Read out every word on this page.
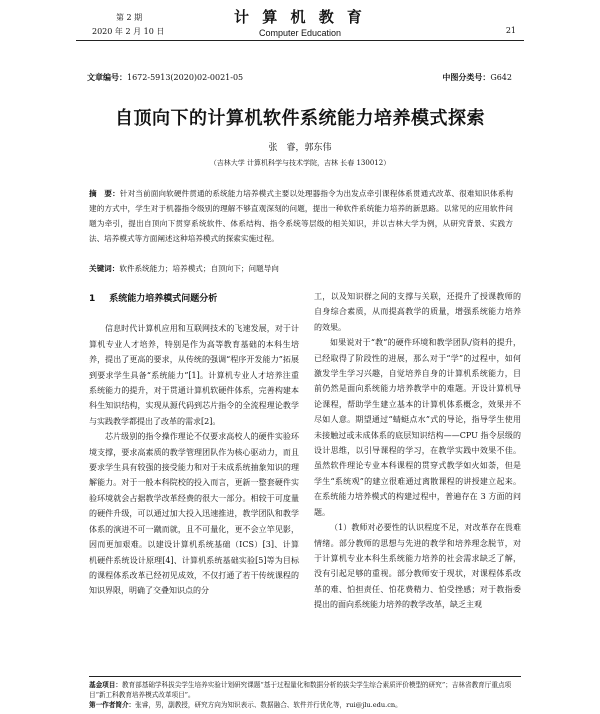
第 2 期
2020 年 2 月 10 日
计 算 机 教 育
Computer Education	21
文章编号：1672-5913(2020)02-0021-05	中图分类号：G642
自顶向下的计算机软件系统能力培养模式探索
张　睿，郭东伟
（吉林大学 计算机科学与技术学院，吉林 长春 130012）
摘　要：针对当前面向软硬件贯通的系统能力培养模式主要以处理器指令为出发点牵引课程体系贯通式改革、很难知识体系构建的方式中，学生对于机器指令级别的理解不够直观深刻的问题，提出一种软件系统能力培养的新思路。以常见的应用软件问题为牵引，提出自顶向下贯穿系统软件、体系结构、指令系统等层级的相关知识，并以吉林大学为例，从研究背景、实践方法、培养模式等方面阐述这种培养模式的探索实施过程。
关键词：软件系统能力；培养模式；自顶向下；问题导向
1 系统能力培养模式问题分析

信息时代计算机应用和互联网技术的飞速发展，对于计算机专业人才培养，特别是作为高等教育基础的本科生培养，提出了更高的要求，从传统的强调“程序开发能力”拓展到要求学生具备“系统能力”[1]。计算机专业人才培养注重系统能力的提升，对于贯通计算机软硬件体系，完善构建本科生知识结构，实现从源代码到芯片指令的全流程理论教学与实践教学都提出了改革的需求[2]。

芯片级别的指令操作理论不仅要求高校人的硬件实验环境支撑，要求高素质的教学管理团队作为核心驱动力，而且要求学生具有较强的接受能力和对于未成系统抽象知识的理解能力。对于一般本科院校的投入而言，更新一整套硬件实验环境就会占据教学改革经费的很大一部分。相较于可度量的硬件升级，可以通过加大投入迅速推进，教学团队和教学体系的演进不可一蹴而就，且不可量化，更不会立竿见影，因而更加艰难。以建设计算机系统基础（ICS）[3]、计算机硬件系统设计原理[4]、计算机系统基础实验[5]等为目标的课程体系改革已经初见成效，不仅打通了若干传统课程的知识界限，明确了交叠知识点的分

工，以及知识群之间的支撑与关联，还提升了授课教师的自身综合素质，从而提高教学的质量，增强系统能力培养的效果。

如果说对于“教”的硬件环境和教学团队/资料的提升，已经取得了阶段性的进展，那么对于“学”的过程中，如何激发学生学习兴趣，自觉培养自身的计算机系统能力，目前仍然是面向系统能力培养教学中的难题。开设计算机导论课程，帮助学生建立基本的计算机体系概念，效果并不尽如人意。期望通过“蜻蜓点水”式的导论，指导学生使用未接触过或未成体系的底层知识结构——CPU 指令层级的设计思维，以引导课程的学习，在教学实践中效果不佳。虽然软件理论专业本科课程的贯穿式教学如火如荼，但是学生“系统观”的建立很难通过离散课程的讲授建立起来。在系统能力培养模式的构建过程中，普遍存在 3 方面的问题。

（1）教师对必要性的认识程度不足，对改革存在畏难情绪。部分教师的思想与先进的教学和培养理念脱节，对于计算机专业本科生系统能力培养的社会需求缺乏了解，没有引起足够的重视。部分教师安于现状，对课程体系改革的难、怕担责任、怕花费精力、怕受挫感；对于教指委提出的面向系统能力培养的教学改革，缺乏主观

基金项目：教育部基础学科拔尖学生培养实验计划研究课题“基于过程量化和数据分析的拔尖学生综合素质评价模型的研究”；吉林省教育厅重点项目“新工科教育培养模式改革项目”。
第一作者简介：张睿，男，副教授，研究方向为知识表示、数据融合、软件并行优化等，rui@jlu.edu.cn。
